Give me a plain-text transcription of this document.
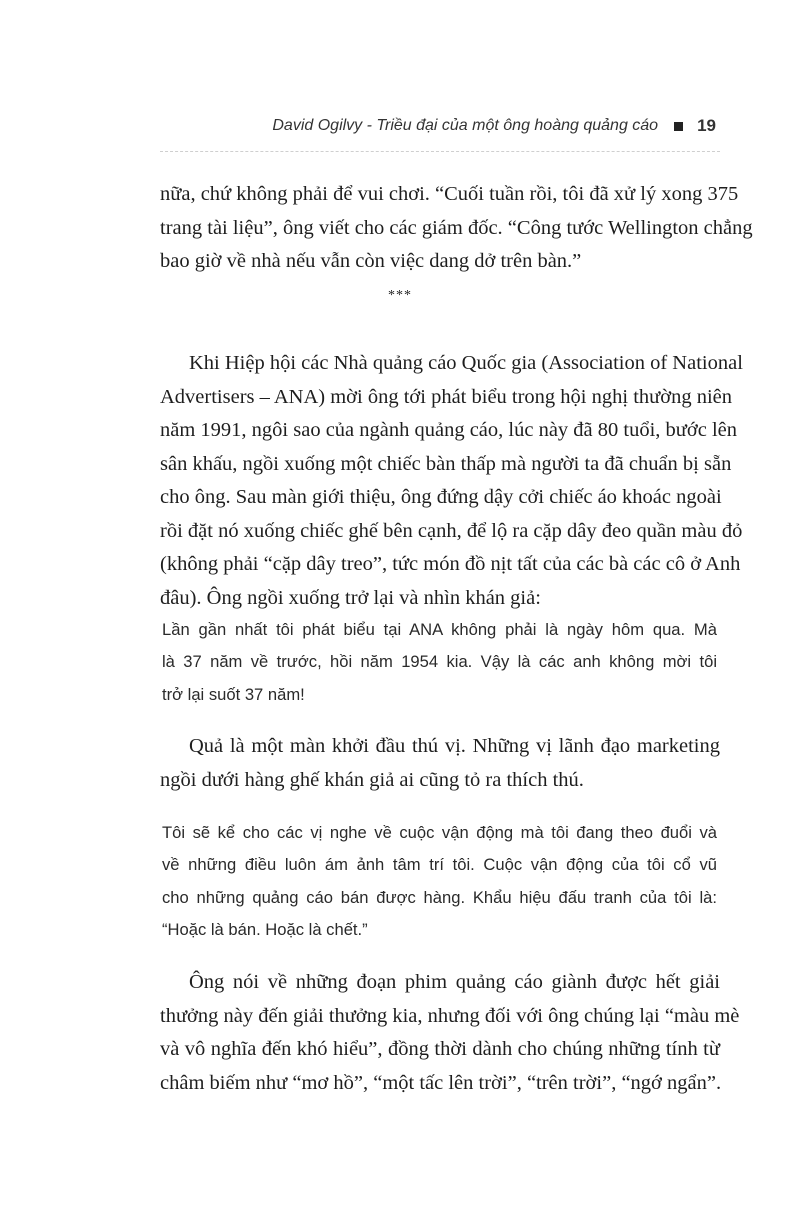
David Ogilvy - Triều đại của một ông hoàng quảng cáo 19
nữa, chứ không phải để vui chơi. “Cuối tuần rồi, tôi đã xử lý xong 375
trang tài liệu”, ông viết cho các giám đốc. “Công tước Wellington chẳng
bao giờ về nhà nếu vẫn còn việc dang dở trên bàn.”
***
Khi Hiệp hội các Nhà quảng cáo Quốc gia (Association of National
Advertisers – ANA) mời ông tới phát biểu trong hội nghị thường niên
năm 1991, ngôi sao của ngành quảng cáo, lúc này đã 80 tuổi, bước lên
sân khấu, ngồi xuống một chiếc bàn thấp mà người ta đã chuẩn bị sẵn
cho ông. Sau màn giới thiệu, ông đứng dậy cởi chiếc áo khoác ngoài
rồi đặt nó xuống chiếc ghế bên cạnh, để lộ ra cặp dây đeo quần màu đỏ
(không phải “cặp dây treo”, tức món đồ nịt tất của các bà các cô ở Anh
đâu). Ông ngồi xuống trở lại và nhìn khán giả:
Lần gần nhất tôi phát biểu tại ANA không phải là ngày hôm qua. Mà
là 37 năm về trước, hồi năm 1954 kia. Vậy là các anh không mời tôi
trở lại suốt 37 năm!
Quả là một màn khởi đầu thú vị. Những vị lãnh đạo marketing
ngồi dưới hàng ghế khán giả ai cũng tỏ ra thích thú.
Tôi sẽ kể cho các vị nghe về cuộc vận động mà tôi đang theo đuổi và
về những điều luôn ám ảnh tâm trí tôi. Cuộc vận động của tôi cổ vũ
cho những quảng cáo bán được hàng. Khẩu hiệu đấu tranh của tôi là:
“Hoặc là bán. Hoặc là chết.”
Ông nói về những đoạn phim quảng cáo giành được hết giải
thưởng này đến giải thưởng kia, nhưng đối với ông chúng lại “màu mè
và vô nghĩa đến khó hiểu”, đồng thời dành cho chúng những tính từ
châm biếm như “mơ hồ”, “một tấc lên trời”, “trên trời”, “ngớ ngẩn”.
